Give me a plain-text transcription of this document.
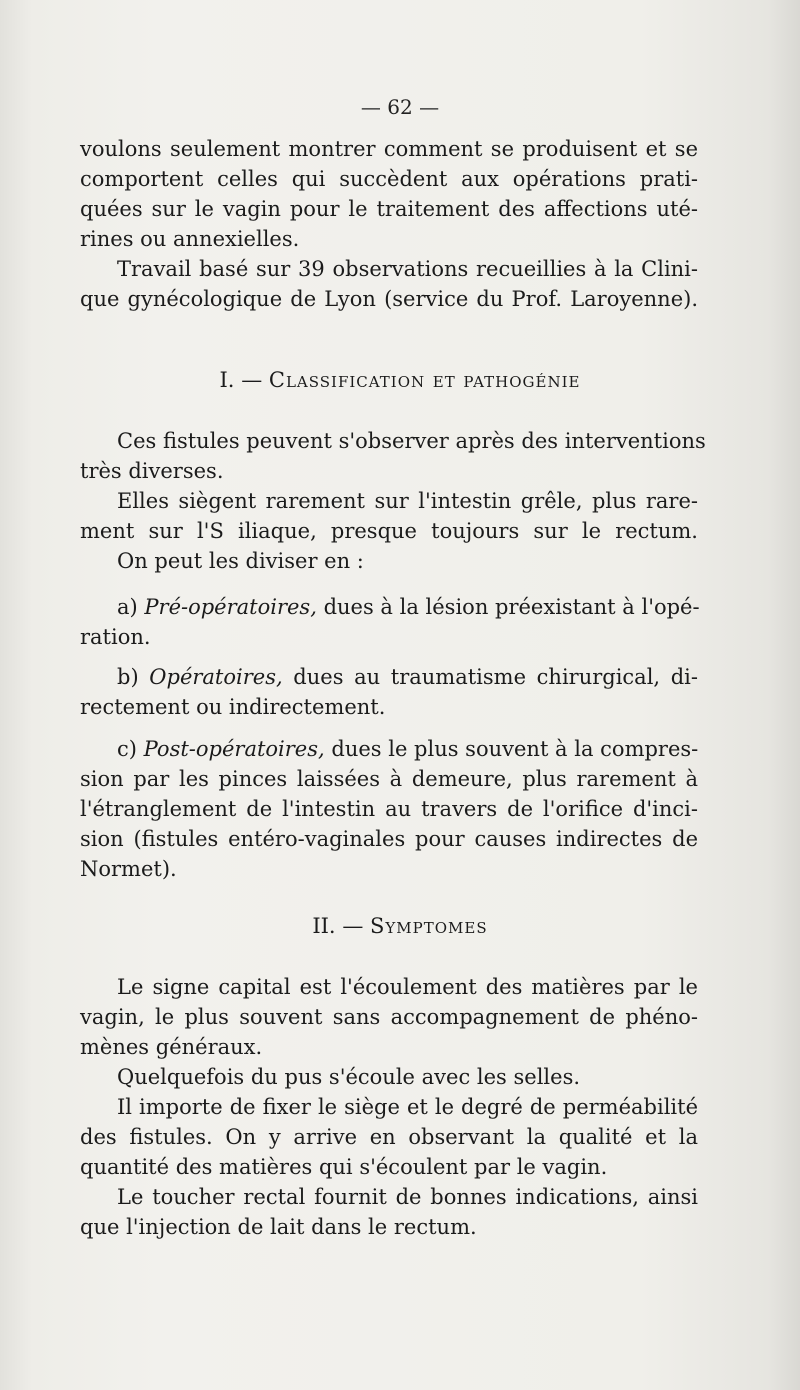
— 62 —
voulons seulement montrer comment se produisent et se
comportent celles qui succèdent aux opérations prati-
quées sur le vagin pour le traitement des affections uté-
rines ou annexielles.
Travail basé sur 39 observations recueillies à la Clini-
que gynécologique de Lyon (service du Prof. Laroyenne).
I. — Classification et pathogénie
Ces fistules peuvent s'observer après des interventions
très diverses.
Elles siègent rarement sur l'intestin grêle, plus rare-
ment sur l'S iliaque, presque toujours sur le rectum.
On peut les diviser en :
a) Pré-opératoires, dues à la lésion préexistant à l'opé-
ration.
b) Opératoires, dues au traumatisme chirurgical, di-
rectement ou indirectement.
c) Post-opératoires, dues le plus souvent à la compres-
sion par les pinces laissées à demeure, plus rarement à
l'étranglement de l'intestin au travers de l'orifice d'inci-
sion (fistules entéro-vaginales pour causes indirectes de
Normet).
II. — Symptomes
Le signe capital est l'écoulement des matières par le
vagin, le plus souvent sans accompagnement de phéno-
mènes généraux.
Quelquefois du pus s'écoule avec les selles.
Il importe de fixer le siège et le degré de perméabilité
des fistules. On y arrive en observant la qualité et la
quantité des matières qui s'écoulent par le vagin.
Le toucher rectal fournit de bonnes indications, ainsi
que l'injection de lait dans le rectum.
